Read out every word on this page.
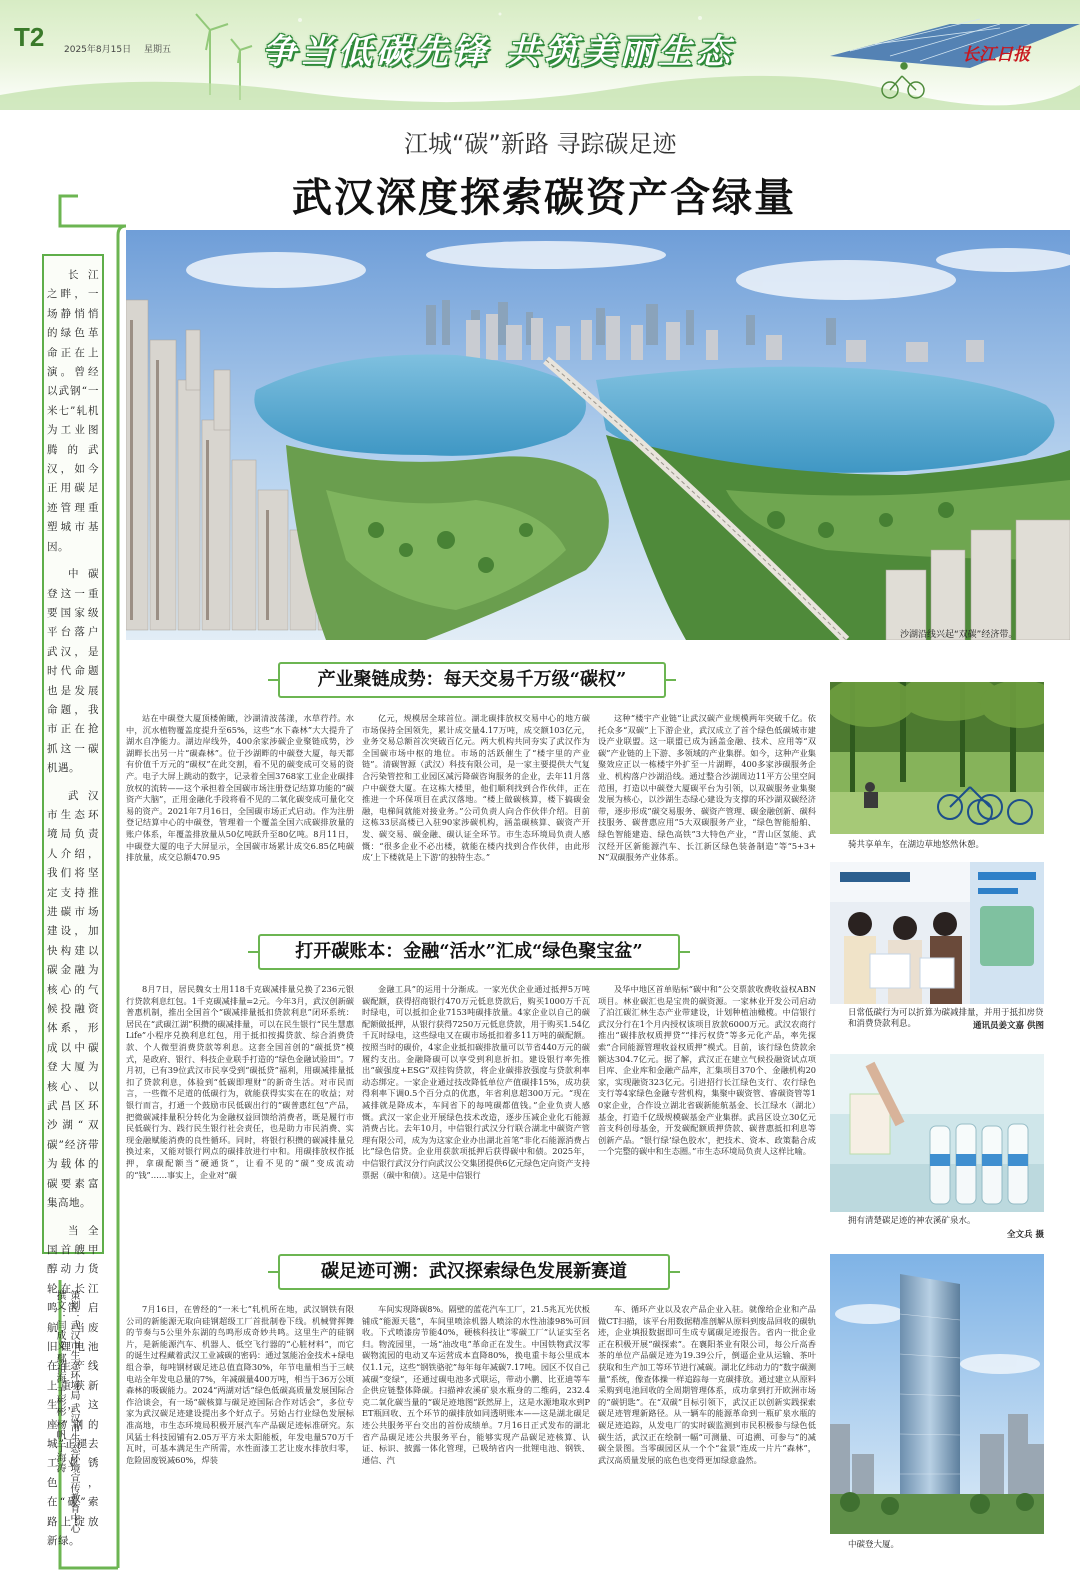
T2 2025年8月15日 星期五	争当低碳先锋 共筑美丽生态	长江日报
江城“碳”新路 寻踪碳足迹
武汉深度探索碳资产含绿量

长江之畔，一场静悄悄的绿色革命正在上演。曾经以武钢“一米七”轧机为工业图腾的武汉，如今正用碳足迹管理重塑城市基因。

中碳登这一重要国家级平台落户武汉，是时代命题也是发展命题，我市正在抢抓这一碳机遇。

武汉市生态环境局负责人介绍，我们将坚定支持推进碳市场建设，加快构建以碳金融为核心的气候投融资体系，形成以中碳登大厦为核心、以武昌区环沙湖“双碳”经济带为载体的碳要素富集高地。

当全国首艘甲醇动力货轮在长江鸣笛启航，当废旧锂电池在生产线上重获新生，这座“钢的城”正褪去工业锈色，在“碳”索路上绽放新绿。

策划：武汉市生态环境局 武汉市生态环境宣传教育中心 撰文：闫成义 鄢祖海 王彬彬 杨帆 于海涛
沙湖沿线兴起“双碳”经济带。
产业聚链成势：每天交易千万级“碳权”

站在中碳登大厦顶楼俯瞰，沙湖清波荡漾，水草荇荇。水中，沉水植物覆盖度提升至65%，这些“水下森林”大大提升了湖水自净能力。湖边岸线外，400余家涉碳企业聚链成势，沙湖畔长出另一片“碳森林”。位于沙湖畔的中碳登大厦，每天都有价值千万元的“碳权”在此交割，看不见的碳变成可交易的资产。电子大屏上跳动的数字，记录着全国3768家工业企业碳排放权的流转——这个承担着全国碳市场注册登记结算功能的“碳资产大脑”，正用金融化手段将看不见的二氧化碳变成可量化交易的资产。2021年7月16日，全国碳市场正式启动。作为注册登记结算中心的中碳登，管理着一个覆盖全国六成碳排放量的账户体系，年覆盖排放量从50亿吨跃升至80亿吨。8月11日，中碳登大厦的电子大屏显示，全国碳市场累计成交6.85亿吨碳排放量，成交总额470.95

亿元，规模居全球首位。湖北碳排放权交易中心的地方碳市场保持全国领先，累计成交量4.17万吨，成交额103亿元，业务交易总额首次突破百亿元。两大机构共同夯实了武汉作为全国碳市场中枢的地位。市场的活跃催生了“楼宇里的产业链”。清碳智源（武汉）科技有限公司，是一家主要提供大气复合污染管控和工业园区减污降碳咨询服务的企业，去年11月落户中碳登大厦。在这栋大楼里，他们顺利找到合作伙伴，正在推进一个环保项目在武汉落地。“楼上做碳核算，楼下搞碳金融，电梯间就能对接业务。”公司负责人向合作伙伴介绍。目前这栋33层高楼已入驻90家涉碳机构，涵盖碳核算、碳资产开发、碳交易、碳金融、碳认证全环节。市生态环境局负责人感慨：“很多企业不必出楼，就能在楼内找到合作伙伴，由此形成‘上下楼就是上下游’的独特生态。”

这种“楼宇产业链”让武汉碳产业规模两年突破千亿。依托众多“双碳”上下游企业，武汉成立了首个绿色低碳城市建设产业联盟。这一联盟已成为涵盖金融、技术、应用等“双碳”产业链的上下游、多领域的产业集群。如今，这种产业集聚效应正以一栋楼宇外扩至一片湖畔，400多家涉碳服务企业、机构落户沙湖沿线。通过整合沙湖周边11平方公里空间范围，打造以中碳登大厦碳平台为引领，以双碳服务业集聚发展为核心，以沙湖生态绿心建设为支撑的环沙湖双碳经济带，逐步形成“碳交易服务、碳资产管理、碳金融创新、碳科技服务、碳普惠应用”5大双碳服务产业，“绿色智能船舶、绿色智能建造、绿色高铁”3大特色产业，“青山区氢能、武汉经开区新能源汽车、长江新区绿色装备制造”等“5+3+N”双碳服务产业体系。

打开碳账本：金融“活水”汇成“绿色聚宝盆”

8月7日，居民魏女士用118千克碳减排量兑换了236元银行贷款利息红包。1千克碳减排量=2元。今年3月，武汉创新碳普惠机制，推出全国首个“碳减排量抵扣贷款利息”闭环系统：居民在“武碳江湖”积攒的碳减排量，可以在民生银行“民生慧惠Life”小程序兑换利息红包，用于抵扣按揭贷款、综合消费贷款、个人微型消费贷款等利息。这套全国首创的“碳抵贷”模式，是政府、银行、科技企业联手打造的“绿色金融试验田”。7月初，已有39位武汉市民享受到“碳抵贷”福利，用碳减排量抵扣了贷款利息，体验到“低碳即理财”的新奇生活。对市民而言，一些微不足道的低碳行为，就能获得实实在在的收益；对银行而言，打通一个鼓励市民低碳出行的“碳普惠红包”产品，把微碳减排量积分转化为金融权益回馈给消费者，既是履行市民低碳行为、践行民生银行社会责任，也是助力市民消费、实现金融赋能消费的良性循环。同时，将银行积攒的碳减排量兑换过来，又能对银行网点的碳排放进行中和。用碳排放权作抵押，拿碳配额当“硬通货”，让看不见的“碳”变成流动的“钱”……事实上，企业对“碳

金融工具”的运用十分渐成。一家光伏企业通过抵押5万吨碳配额，获得招商银行470万元低息贷款后，购买1000万千瓦时绿电，可以抵扣企业7153吨碳排放量。4家企业以自己的碳配额做抵押，从银行获得7250万元低息贷款，用于购买1.54亿千瓦时绿电，这些绿电又在碳市场抵扣着多11万吨的碳配额。按照当时的碳价，4家企业抵扣碳排放量可以节省440万元的碳履约支出。金融降碳可以享受到利息折扣。建设银行率先推出“碳强度+ESG”双挂钩贷款，将企业碳排放强度与贷款利率动态绑定。一家企业通过技改降低单位产值碳排15%，成功获得利率下调0.5个百分点的优惠，年省利息超300万元。“现在减排就是降成本，车间省下的每吨碳都值钱。”企业负责人感慨。武汉一家企业开展绿色技术改造，逐步压减企业化石能源消费占比。去年10月，中信银行武汉分行联合湖北中碳资产管理有限公司，成为为这家企业办出湖北首笔“非化石能源消费占比”绿色信贷。企业用获款项抵押后获得碳中和债。2025年，中信银行武汉分行向武汉公交集团提供6亿元绿色定向资产支持票据（碳中和债）。这是中信银行

及华中地区首单贴标“碳中和”公交票款收费收益权ABN项目。林业碳汇也是宝贵的碳资源。一家林业开发公司启动了泊江碳汇林生态产业带建设，计划种植油橄榄。中信银行武汉分行在1个月内授权该项目放款6000万元。武汉农商行推出“碳排放权质押贷”“排污权贷”等多元化产品，率先探索“合同能源管理收益权质押”模式。目前，该行绿色贷款余额达304.7亿元。据了解，武汉正在建立气候投融资试点项目库、企业库和金融产品库，汇集项目370个、金融机构20家，实现融资323亿元。引进招行长江绿色支行、农行绿色支行等4家绿色金融专营机构，集聚中碳资管、睿碳资管等10家企业，合作设立湖北省碳新能航基金、长江绿水（湖北）基金，打造千亿级规模碳基金产业集群。武昌区设立30亿元首支科创母基金，开发碳配额质押贷款、碳普惠抵扣利息等创新产品。“银行绿‘绿色胶水’，把技术、资本、政策黏合成一个完整的碳中和生态圈。”市生态环境局负责人这样比喻。

碳足迹可溯：武汉探索绿色发展新赛道

7月16日，在曾经的“一米七”轧机所在地，武汉钢铁有限公司的新能源无取向硅钢超级工厂首批制卷下线。机械臂挥舞的节奏与5公里外东湖的鸟鸣形成奇妙共鸣。这里生产的硅钢片，是新能源汽车、机器人、低空飞行器的“心脏材料”，而它的诞生过程藏着武汉工业减碳的密码：通过氢能冶金技术+绿电组合拳，每吨钢材碳足迹总值直降30%，年节电量相当于三峡电站全年发电总量的7%，年减碳量400万吨，相当于36万公顷森林的吸碳能力。2024“两湖对话”绿色低碳高质量发展国际合作洽谈会，有一场“碳核算与碳足迹国际合作对话会”，多位专家为武汉碳足迹建设提出多个好点子。另始占行业绿色发展标准高地，市生态环境局积极开展汽车产品碳足迹标准研究。东风猛士科技园铺有2.05万平方米太阳能板，年发电量570万千瓦时，可基本满足生产所需，水性面漆工艺让废水排放归零，危险固废锐减60%，焊装

车间实现降碳8%。隔壁的蓝花汽车工厂，21.5兆瓦光伏板铺成“能源天毯”，车间里喷涂机器人喷涂的水性油漆98%可回收。下式喷漆房节能40%，硬核科技让“零碳工厂”认证实至名归。物流园里，一场“油改电”革命正在发生。中国铁物武汉零碳物流园的电动叉车运营成本直降80%，换电重卡每公里成本仅1.1元，这些“钢铁骆驼”每年每年减碳7.17吨。园区不仅自己减碳“变绿”，还通过碳电池多式联运，带动小鹏、比亚迪等车企供应链整体降碳。扫描神农溪矿泉水瓶身的二维码，232.4克二氧化碳当量的“碳足迹地图”跃然屏上，这是水源地取水到PET瓶回收、五个环节的碳排放如同透明账本——这是湖北碳足迹公共服务平台交出的首份成绩单。7月16日正式发布的湖北省产品碳足迹公共服务平台，能够实现产品碳足迹核算、认证、标识、披露一体化管理，已吸纳省内一批锂电池、钢铁、通信、汽

车、循环产业以及农产品企业入驻。就像给企业和产品做CT扫描，该平台用数据精准剖解从原料到废品回收的碳轨迹，企业填报数据即可生成专属碳足迹报告。省内一批企业正在积极开展“碳探索”。在襄阳茶业有限公司，每公斤高香茶的单位产品碳足迹为19.39公斤，倒逼企业从运输、茶叶获取和生产加工等环节进行减碳。湖北亿纬动力的“数字碳测量”系统，像查体操一样追踪每一克碳排放。通过建立从原料采购到电池回收的全周期管理体系，成功拿到打开欧洲市场的“碳钥匙”。在“双碳”目标引领下，武汉正以创新实践探索碳足迹管理新路径。从一辆车的能源革命到一瓶矿泉水瓶的碳足迹追踪，从发电厂的实时碳监测到市民积极参与绿色低碳生活，武汉正在绘制一幅“可测量、可追溯、可参与”的减碳全景图。当零碳园区从一个个“盆景”连成一片片“森林”，武汉高质量发展的底色也变得更加绿意盎然。

骑共享单车，在湖边草地悠然休憩。
日常低碳行为可以折算为碳减排量，并用于抵扣房贷和消费贷款利息。	通讯员姜文嘉 供图
拥有清楚碳足迹的神农溪矿泉水。
全文兵 摄
中碳登大厦。
